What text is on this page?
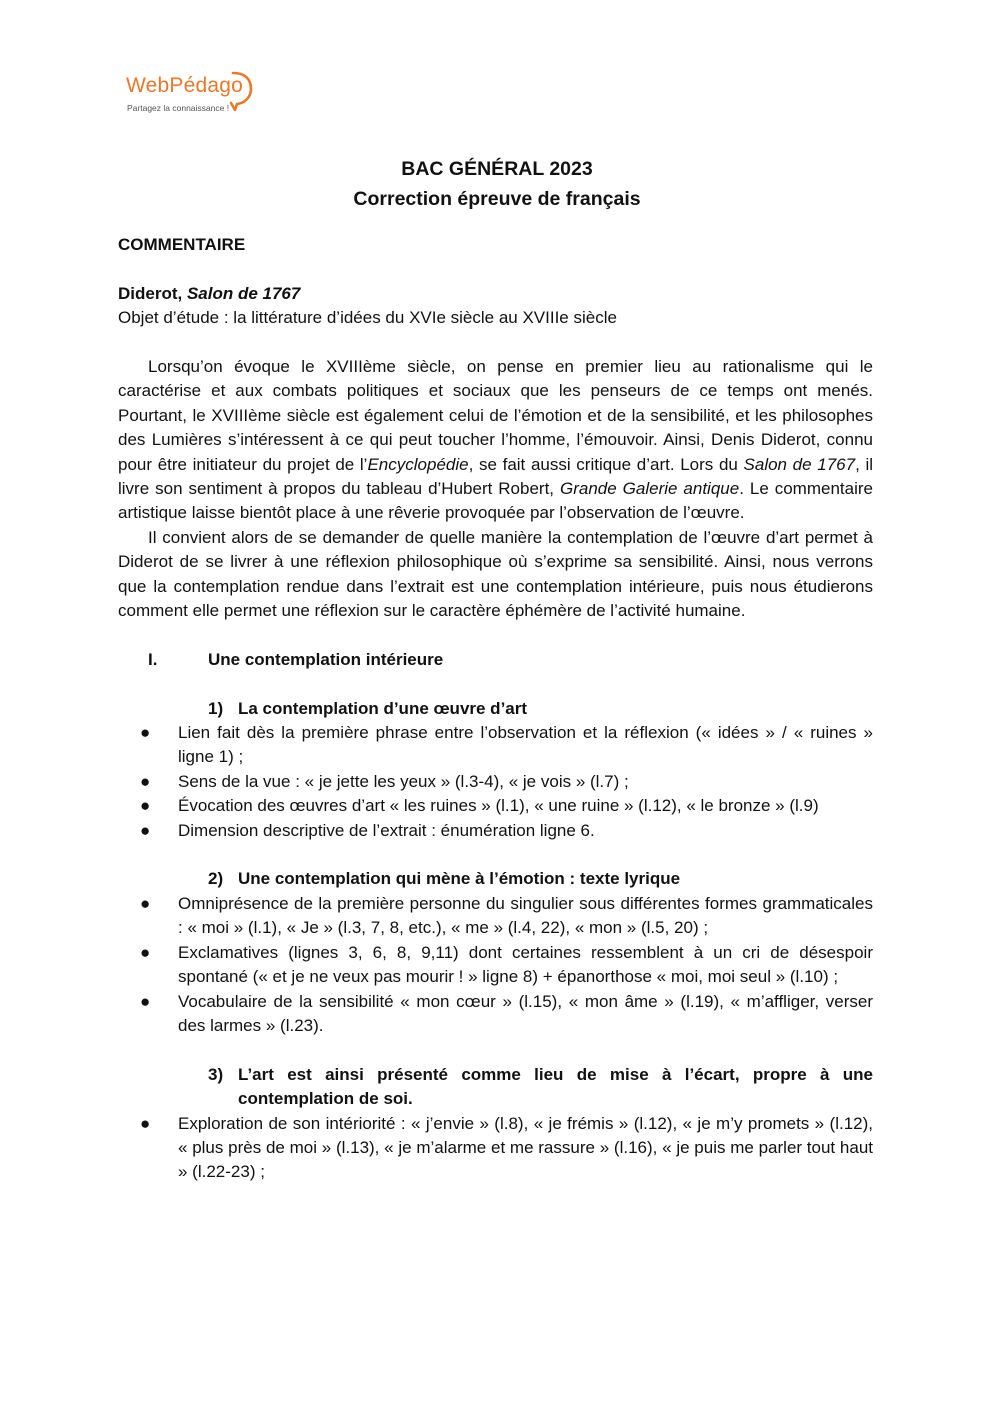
WebPédago
Partagez la connaissance !
BAC GÉNÉRAL 2023
Correction épreuve de français

COMMENTAIRE

Diderot, Salon de 1767

Objet d’étude : la littérature d’idées du XVIe siècle au XVIIIe siècle

Lorsqu’on évoque le XVIIIème siècle, on pense en premier lieu au rationalisme qui le caractérise et aux combats politiques et sociaux que les penseurs de ce temps ont menés. Pourtant, le XVIIIème siècle est également celui de l’émotion et de la sensibilité, et les philosophes des Lumières s’intéressent à ce qui peut toucher l’homme, l’émouvoir. Ainsi, Denis Diderot, connu pour être initiateur du projet de l’Encyclopédie, se fait aussi critique d’art. Lors du Salon de 1767, il livre son sentiment à propos du tableau d’Hubert Robert, Grande Galerie antique. Le commentaire artistique laisse bientôt place à une rêverie provoquée par l’observation de l’œuvre.

Il convient alors de se demander de quelle manière la contemplation de l’œuvre d’art permet à Diderot de se livrer à une réflexion philosophique où s’exprime sa sensibilité. Ainsi, nous verrons que la contemplation rendue dans l’extrait est une contemplation intérieure, puis nous étudierons comment elle permet une réflexion sur le caractère éphémère de l’activité humaine.

I.	Une contemplation intérieure
1) La contemplation d’une œuvre d’art
●	Lien fait dès la première phrase entre l’observation et la réflexion (« idées » / « ruines » ligne 1) ;
●	Sens de la vue : « je jette les yeux » (l.3-4), « je vois » (l.7) ;
●	Évocation des œuvres d’art « les ruines » (l.1), « une ruine » (l.12), « le bronze » (l.9)
●	Dimension descriptive de l’extrait : énumération ligne 6.
2) Une contemplation qui mène à l’émotion : texte lyrique
●	Omniprésence de la première personne du singulier sous différentes formes grammaticales : « moi » (l.1), « Je » (l.3, 7, 8, etc.), « me » (l.4, 22), « mon » (l.5, 20) ;
●	Exclamatives (lignes 3, 6, 8, 9,11) dont certaines ressemblent à un cri de désespoir spontané (« et je ne veux pas mourir ! » ligne 8) + épanorthose « moi, moi seul » (l.10) ;
●	Vocabulaire de la sensibilité « mon cœur » (l.15), « mon âme » (l.19), « m’affliger, verser des larmes » (l.23).
3) L’art est ainsi présenté comme lieu de mise à l’écart, propre à une contemplation de soi.
●	Exploration de son intériorité : « j’envie » (l.8), « je frémis » (l.12), « je m’y promets » (l.12), « plus près de moi » (l.13), « je m’alarme et me rassure » (l.16), « je puis me parler tout haut » (l.22-23) ;
